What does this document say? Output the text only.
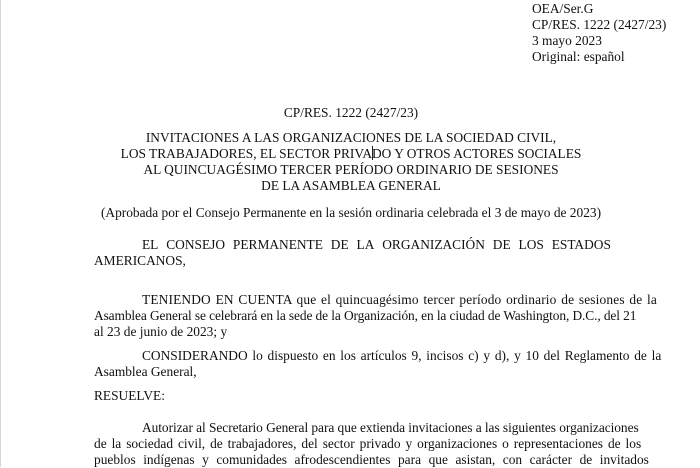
OEA/Ser.G
CP/RES. 1222 (2427/23)
3 mayo 2023
Original: español
CP/RES. 1222 (2427/23)
INVITACIONES A LAS ORGANIZACIONES DE LA SOCIEDAD CIVIL,
LOS TRABAJADORES, EL SECTOR PRIVADO Y OTROS ACTORES SOCIALES
AL QUINCUAGÉSIMO TERCER PERÍODO ORDINARIO DE SESIONES
DE LA ASAMBLEA GENERAL
(Aprobada por el Consejo Permanente en la sesión ordinaria celebrada el 3 de mayo de 2023)
EL CONSEJO PERMANENTE DE LA ORGANIZACIÓN DE LOS ESTADOS
AMERICANOS,
TENIENDO EN CUENTA que el quincuagésimo tercer período ordinario de sesiones de la
Asamblea General se celebrará en la sede de la Organización, en la ciudad de Washington, D.C., del 21
al 23 de junio de 2023; y
CONSIDERANDO lo dispuesto en los artículos 9, incisos c) y d), y 10 del Reglamento de la
Asamblea General,
RESUELVE:
Autorizar al Secretario General para que extienda invitaciones a las siguientes organizaciones
de la sociedad civil, de trabajadores, del sector privado y organizaciones o representaciones de los
pueblos indígenas y comunidades afrodescendientes para que asistan, con carácter de invitados
